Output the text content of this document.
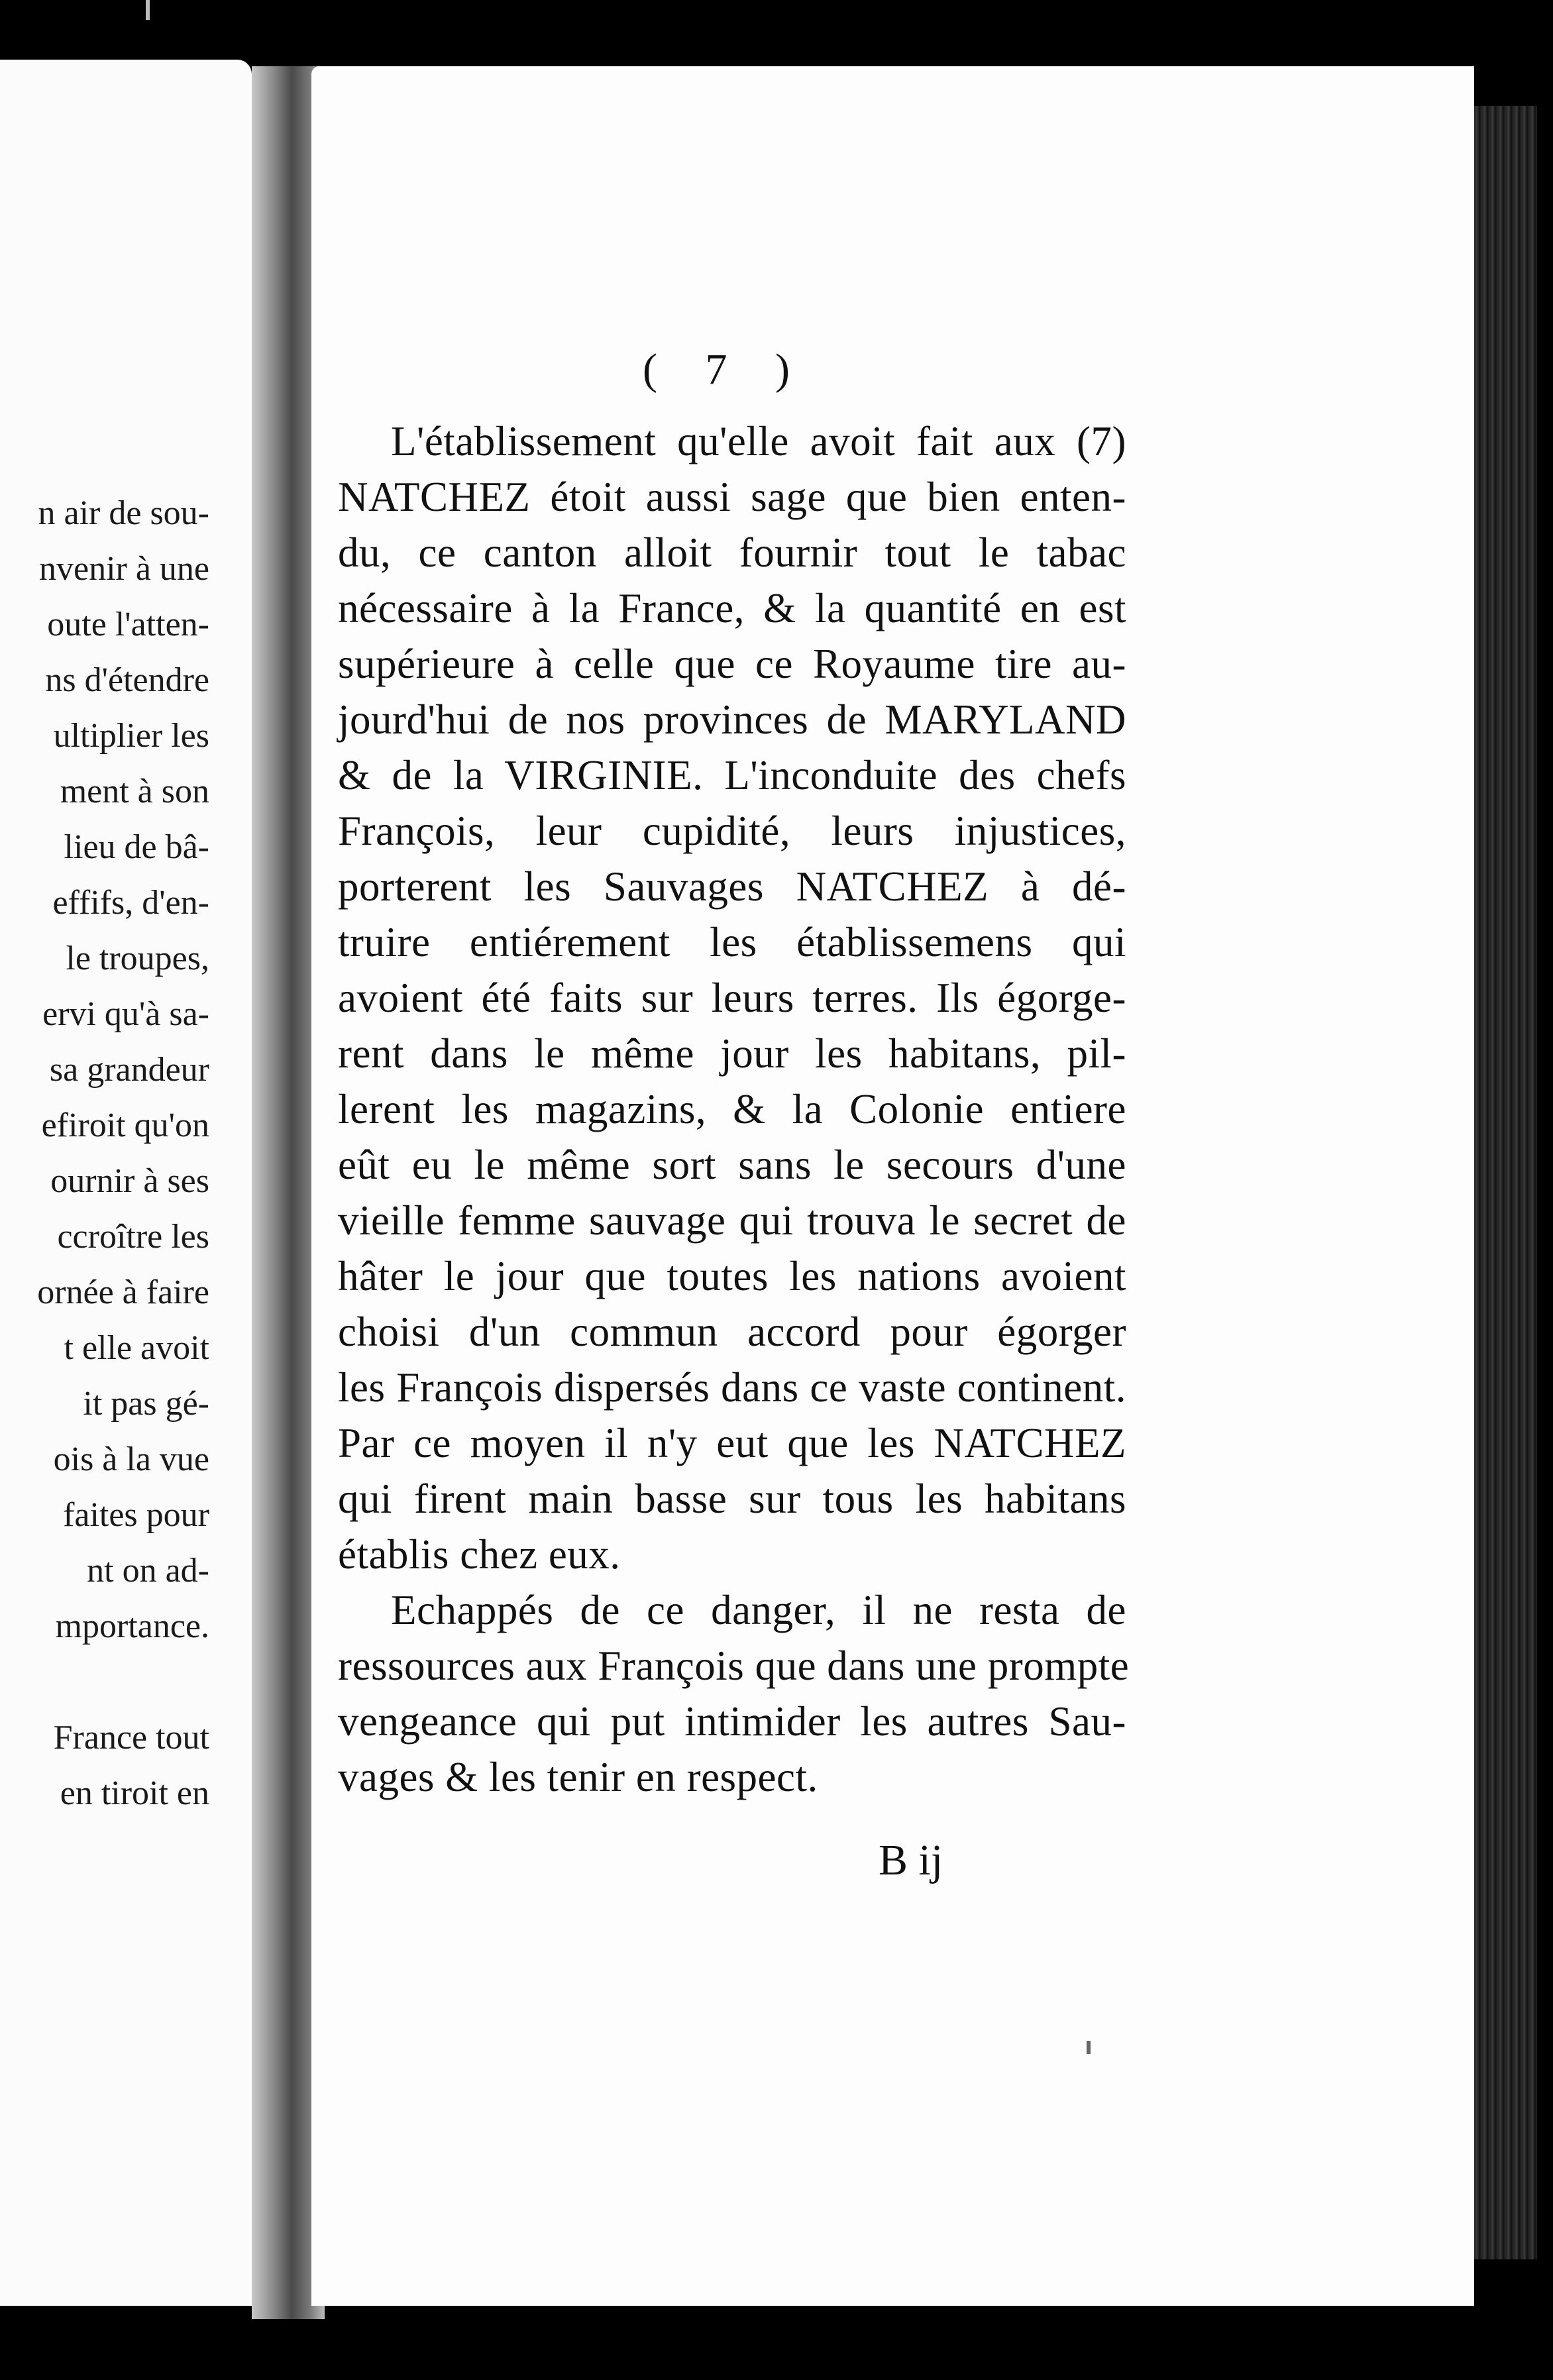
n air de sou-
nvenir à une
oute l'atten-
ns d'étendre
ultiplier les
ment à son
lieu de bâ-
effifs, d'en-
le troupes,
ervi qu'à sa-
sa grandeur
efiroit qu'on
ournir à ses
ccroître les
ornée à faire
t elle avoit
it pas gé-
ois à la vue
faites pour
nt on ad-
mportance.
France tout
en tiroit en
( 7 )
L'établissement qu'elle avoit fait aux (7)
NATCHEZ étoit aussi sage que bien enten-
du, ce canton alloit fournir tout le tabac
nécessaire à la France, & la quantité en est
supérieure à celle que ce Royaume tire au-
jourd'hui de nos provinces de MARYLAND
& de la VIRGINIE. L'inconduite des chefs
François, leur cupidité, leurs injustices,
porterent les Sauvages NATCHEZ à dé-
truire entiérement les établissemens qui
avoient été faits sur leurs terres. Ils égorge-
rent dans le même jour les habitans, pil-
lerent les magazins, & la Colonie entiere
eût eu le même sort sans le secours d'une
vieille femme sauvage qui trouva le secret de
hâter le jour que toutes les nations avoient
choisi d'un commun accord pour égorger
les François dispersés dans ce vaste continent.
Par ce moyen il n'y eut que les NATCHEZ
qui firent main basse sur tous les habitans
établis chez eux.
Echappés de ce danger, il ne resta de
ressources aux François que dans une prompte
vengeance qui put intimider les autres Sau-
vages & les tenir en respect.
B ij
